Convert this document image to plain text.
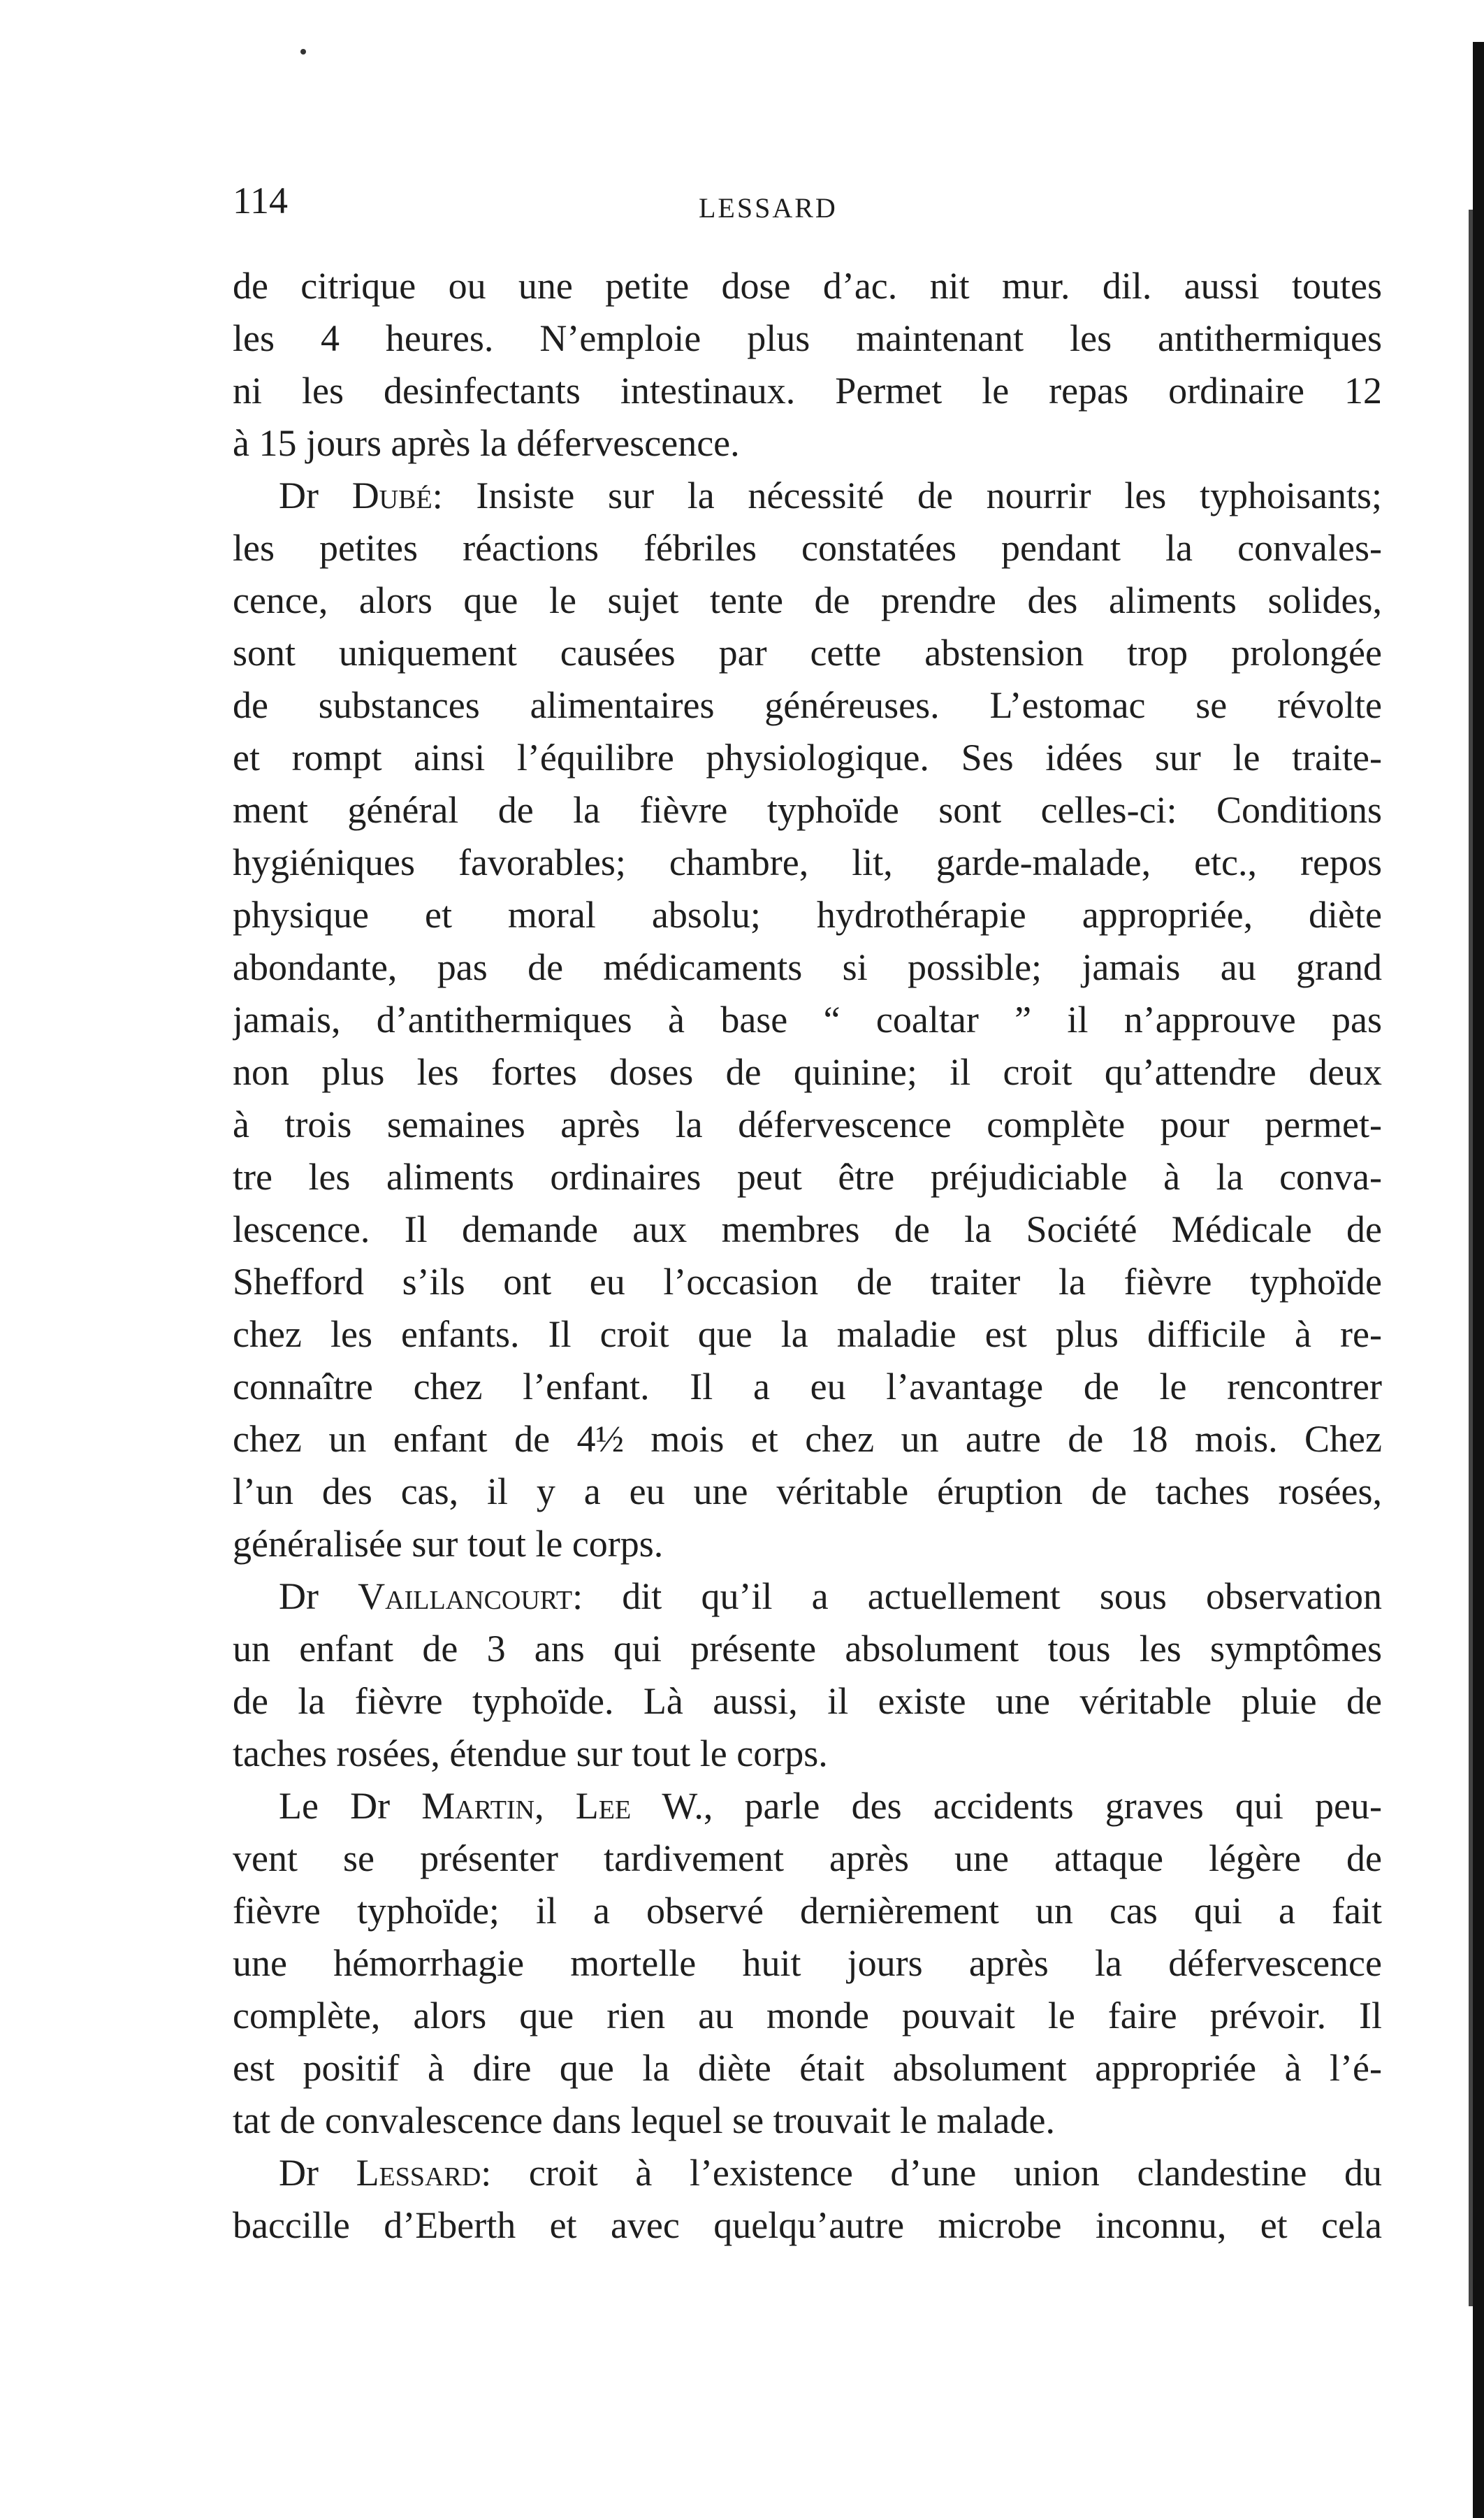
114	LESSARD
de citrique ou une petite dose d’ac. nit mur. dil. aussi toutes
les 4 heures. N’emploie plus maintenant les antithermiques
ni les desinfectants intestinaux. Permet le repas ordinaire 12
à 15 jours après la défervescence.
Dr Dubé: Insiste sur la nécessité de nourrir les typhoisants;
les petites réactions fébriles constatées pendant la convales-
cence, alors que le sujet tente de prendre des aliments solides,
sont uniquement causées par cette abstension trop prolongée
de substances alimentaires généreuses. L’estomac se révolte
et rompt ainsi l’équilibre physiologique. Ses idées sur le traite-
ment général de la fièvre typhoïde sont celles-ci: Conditions
hygiéniques favorables; chambre, lit, garde-malade, etc., repos
physique et moral absolu; hydrothérapie appropriée, diète
abondante, pas de médicaments si possible; jamais au grand
jamais, d’antithermiques à base “ coaltar ” il n’approuve pas
non plus les fortes doses de quinine; il croit qu’attendre deux
à trois semaines après la défervescence complète pour permet-
tre les aliments ordinaires peut être préjudiciable à la conva-
lescence. Il demande aux membres de la Société Médicale de
Shefford s’ils ont eu l’occasion de traiter la fièvre typhoïde
chez les enfants. Il croit que la maladie est plus difficile à re-
connaître chez l’enfant. Il a eu l’avantage de le rencontrer
chez un enfant de 4½ mois et chez un autre de 18 mois. Chez
l’un des cas, il y a eu une véritable éruption de taches rosées,
généralisée sur tout le corps.
Dr Vaillancourt: dit qu’il a actuellement sous observation
un enfant de 3 ans qui présente absolument tous les symptômes
de la fièvre typhoïde. Là aussi, il existe une véritable pluie de
taches rosées, étendue sur tout le corps.
Le Dr Martin, Lee W., parle des accidents graves qui peu-
vent se présenter tardivement après une attaque légère de
fièvre typhoïde; il a observé dernièrement un cas qui a fait
une hémorrhagie mortelle huit jours après la défervescence
complète, alors que rien au monde pouvait le faire prévoir. Il
est positif à dire que la diète était absolument appropriée à l’é-
tat de convalescence dans lequel se trouvait le malade.
Dr Lessard: croit à l’existence d’une union clandestine du
baccille d’Eberth et avec quelqu’autre microbe inconnu, et cela
